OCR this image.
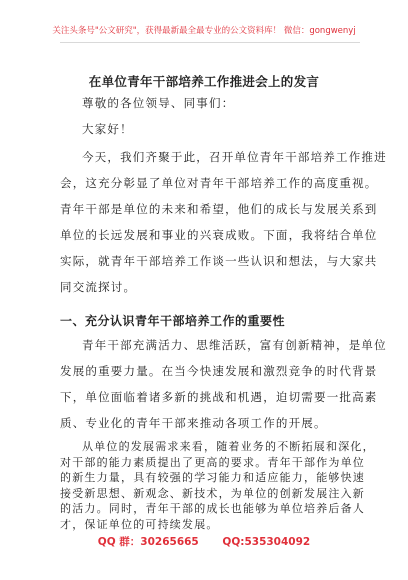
关注头条号"公文研究"，获得最新最全最专业的公文资料库！ 微信：gongwenyj
在单位青年干部培养工作推进会上的发言
尊敬的各位领导、同事们：
大家好！
今天，我们齐聚于此，召开单位青年干部培养工作推进
会，这充分彰显了单位对青年干部培养工作的高度重视。
青年干部是单位的未来和希望，他们的成长与发展关系到
单位的长远发展和事业的兴衰成败。下面，我将结合单位
实际，就青年干部培养工作谈一些认识和想法，与大家共
同交流探讨。
一、充分认识青年干部培养工作的重要性
青年干部充满活力、思维活跃，富有创新精神，是单位
发展的重要力量。在当今快速发展和激烈竞争的时代背景
下，单位面临着诸多新的挑战和机遇，迫切需要一批高素
质、专业化的青年干部来推动各项工作的开展。
从单位的发展需求来看，随着业务的不断拓展和深化，
对干部的能力素质提出了更高的要求。青年干部作为单位
的新生力量，具有较强的学习能力和适应能力，能够快速
接受新思想、新观念、新技术，为单位的创新发展注入新
的活力。同时，青年干部的成长也能够为单位培养后备人
才，保证单位的可持续发展。
QQ 群：30265665 QQ:535304092
